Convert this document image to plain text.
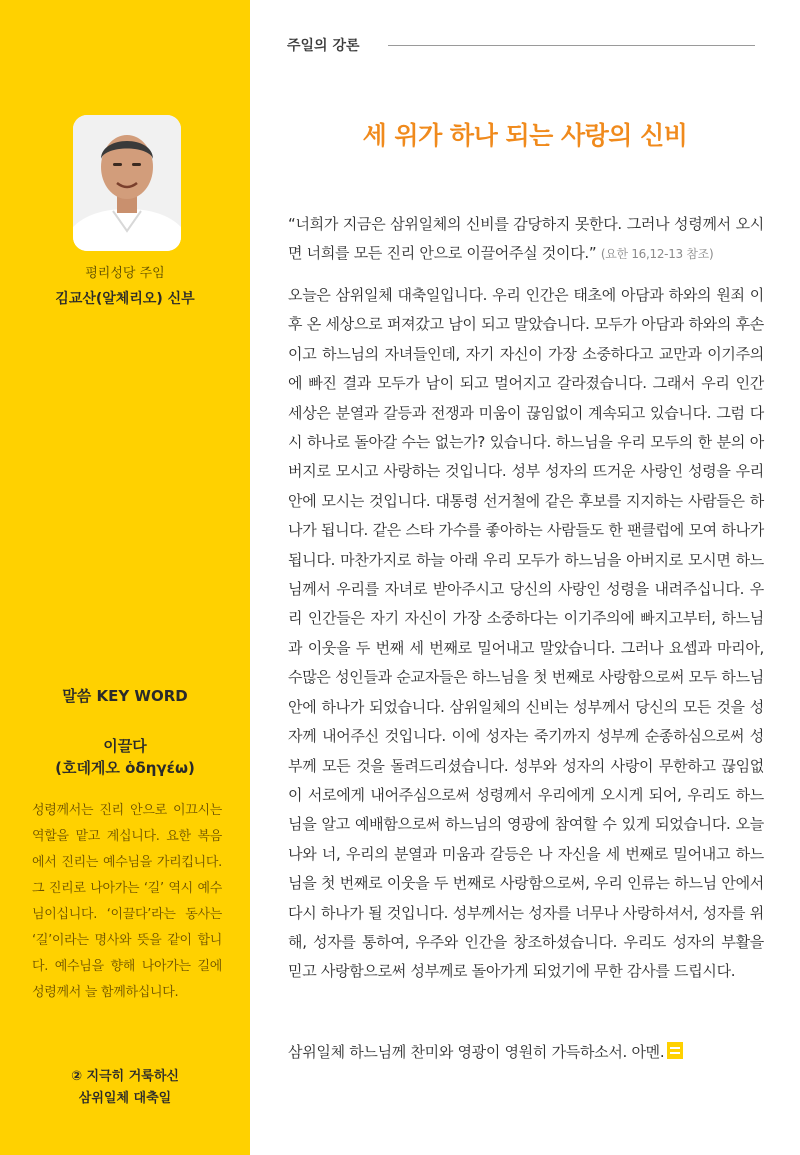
평리성당 주임
김교산(알체리오) 신부
말씀 KEY WORD
이끌다
(호데게오 ὁδηγέω)

성령께서는 진리 안으로 이끄시는 역할을 맡고 계십니다. 요한 복음에서 진리는 예수님을 가리킵니다. 그 진리로 나아가는 ‘길’ 역시 예수님이십니다. ‘이끌다’라는 동사는 ‘길’이라는 명사와 뜻을 같이 합니다. 예수님을 향해 나아가는 길에 성령께서 늘 함께하십니다.

② 지극히 거룩하신
삼위일체 대축일
주일의 강론
세 위가 하나 되는 사랑의 신비

“너희가 지금은 삼위일체의 신비를 감당하지 못한다. 그러나 성령께서 오시면 너희를 모든 진리 안으로 이끌어주실 것이다.” (요한 16,12-13 참조)

오늘은 삼위일체 대축일입니다. 우리 인간은 태초에 아담과 하와의 원죄 이후 온 세상으로 퍼져갔고 남이 되고 말았습니다. 모두가 아담과 하와의 후손이고 하느님의 자녀들인데, 자기 자신이 가장 소중하다고 교만과 이기주의에 빠진 결과 모두가 남이 되고 멀어지고 갈라졌습니다. 그래서 우리 인간 세상은 분열과 갈등과 전쟁과 미움이 끊임없이 계속되고 있습니다. 그럼 다시 하나로 돌아갈 수는 없는가? 있습니다. 하느님을 우리 모두의 한 분의 아버지로 모시고 사랑하는 것입니다. 성부 성자의 뜨거운 사랑인 성령을 우리 안에 모시는 것입니다. 대통령 선거철에 같은 후보를 지지하는 사람들은 하나가 됩니다. 같은 스타 가수를 좋아하는 사람들도 한 팬클럽에 모여 하나가 됩니다. 마찬가지로 하늘 아래 우리 모두가 하느님을 아버지로 모시면 하느님께서 우리를 자녀로 받아주시고 당신의 사랑인 성령을 내려주십니다. 우리 인간들은 자기 자신이 가장 소중하다는 이기주의에 빠지고부터, 하느님과 이웃을 두 번째 세 번째로 밀어내고 말았습니다. 그러나 요셉과 마리아, 수많은 성인들과 순교자들은 하느님을 첫 번째로 사랑함으로써 모두 하느님 안에 하나가 되었습니다. 삼위일체의 신비는 성부께서 당신의 모든 것을 성자께 내어주신 것입니다. 이에 성자는 죽기까지 성부께 순종하심으로써 성부께 모든 것을 돌려드리셨습니다. 성부와 성자의 사랑이 무한하고 끊임없이 서로에게 내어주심으로써 성령께서 우리에게 오시게 되어, 우리도 하느님을 알고 예배함으로써 하느님의 영광에 참여할 수 있게 되었습니다. 오늘 나와 너, 우리의 분열과 미움과 갈등은 나 자신을 세 번째로 밀어내고 하느님을 첫 번째로 이웃을 두 번째로 사랑함으로써, 우리 인류는 하느님 안에서 다시 하나가 될 것입니다. 성부께서는 성자를 너무나 사랑하셔서, 성자를 위해, 성자를 통하여, 우주와 인간을 창조하셨습니다. 우리도 성자의 부활을 믿고 사랑함으로써 성부께로 돌아가게 되었기에 무한 감사를 드립시다.

삼위일체 하느님께 찬미와 영광이 영원히 가득하소서. 아멘.
